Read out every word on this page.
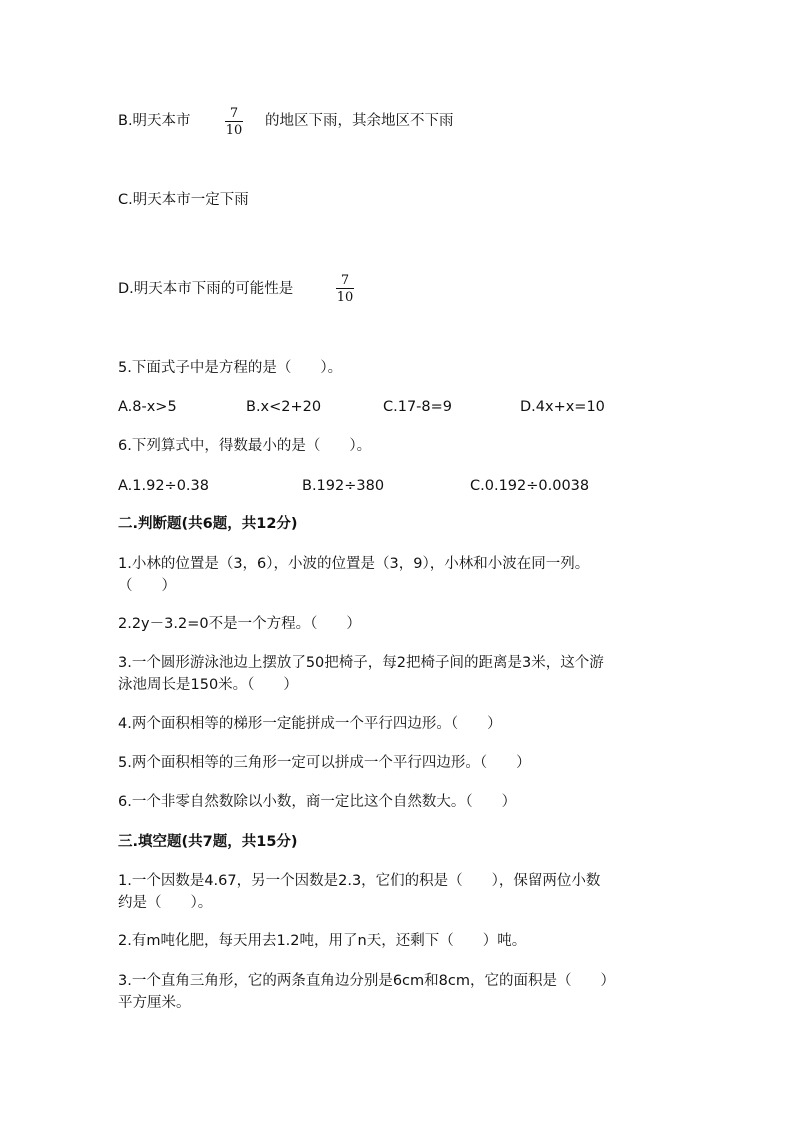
B.明天本市	$\frac{7}{10}$ 的地区下雨，其余地区不下雨
C.明天本市一定下雨
D.明天本市下雨的可能性是	$\frac{7}{10}$
5.下面式子中是方程的是（　　）。
A.8-x>5	B.x<2+20	C.17-8=9	D.4x+x=10
6.下列算式中，得数最小的是（　　）。
A.1.92÷0.38	B.192÷380	C.0.192÷0.0038
二.判断题(共6题，共12分)
1.小林的位置是（3，6），小波的位置是（3，9），小林和小波在同一列。
（　　）
2.2y－3.2=0不是一个方程。（　　）
3.一个圆形游泳池边上摆放了50把椅子，每2把椅子间的距离是3米，这个游
泳池周长是150米。（　　）
4.两个面积相等的梯形一定能拼成一个平行四边形。（　　）
5.两个面积相等的三角形一定可以拼成一个平行四边形。（　　）
6.一个非零自然数除以小数，商一定比这个自然数大。（　　）
三.填空题(共7题，共15分)
1.一个因数是4.67，另一个因数是2.3，它们的积是（　　），保留两位小数
约是（　　）。
2.有m吨化肥，每天用去1.2吨，用了n天，还剩下（　　）吨。
3.一个直角三角形，它的两条直角边分别是6cm和8cm，它的面积是（　　）
平方厘米。
